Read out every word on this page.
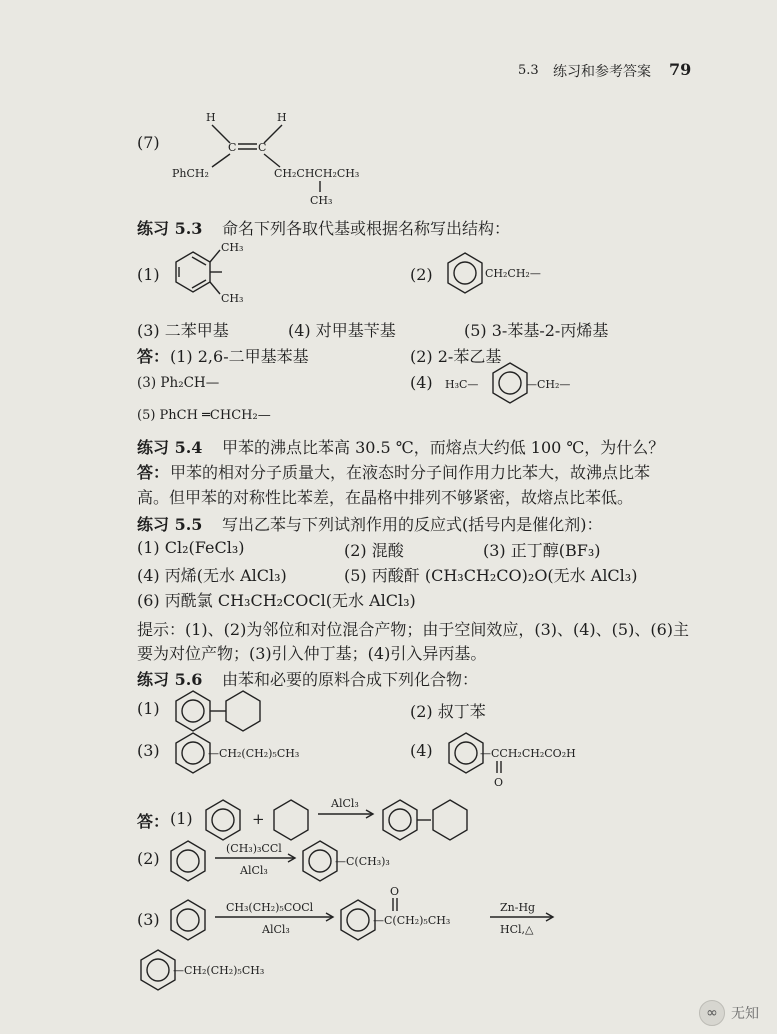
5.3 练习和参考答案 79
(7)
H	H
C C
PhCH₂	CH₂CHCH₂CH₃
CH₃
练习 5.3 命名下列各取代基或根据名称写出结构：
(1)
CH₃
CH₃
(2)	CH₂CH₂—
(3) 二苯甲基	(4) 对甲基苄基	(5) 3-苯基-2-丙烯基
答： (1) 2,6-二甲基苯基	(2) 2-苯乙基
(3) Ph₂CH—	(4) H₃C—	—CH₂—
(5) PhCH ═CHCH₂—
练习 5.4 甲苯的沸点比苯高 30.5 ℃，而熔点大约低 100 ℃，为什么？
答： 甲苯的相对分子质量大，在液态时分子间作用力比苯大，故沸点比苯
高。但甲苯的对称性比苯差，在晶格中排列不够紧密，故熔点比苯低。
练习 5.5 写出乙苯与下列试剂作用的反应式(括号内是催化剂)：
(1) Cl₂(FeCl₃)	(2) 混酸	(3) 正丁醇(BF₃)
(4) 丙烯(无水 AlCl₃)	(5) 丙酸酐 (CH₃CH₂CO)₂O(无水 AlCl₃)
(6) 丙酰氯 CH₃CH₂COCl(无水 AlCl₃)
提示：(1)、(2)为邻位和对位混合产物；由于空间效应，(3)、(4)、(5)、(6)主
要为对位产物；(3)引入仲丁基；(4)引入异丙基。
练习 5.6 由苯和必要的原料合成下列化合物：
(1)	(2) 叔丁苯
(3)	—CH₂(CH₂)₅CH₃	(4)	—CCH₂CH₂CO₂H
O
答： (1)	+
AlCl₃
(2)
(CH₃)₃CCl
AlCl₃
—C(CH₃)₃
(3)
CH₃(CH₂)₅COCl
AlCl₃
—C(CH₂)₅CH₃
O
Zn-Hg
HCl,△
—CH₂(CH₂)₅CH₃
∞ 无知
